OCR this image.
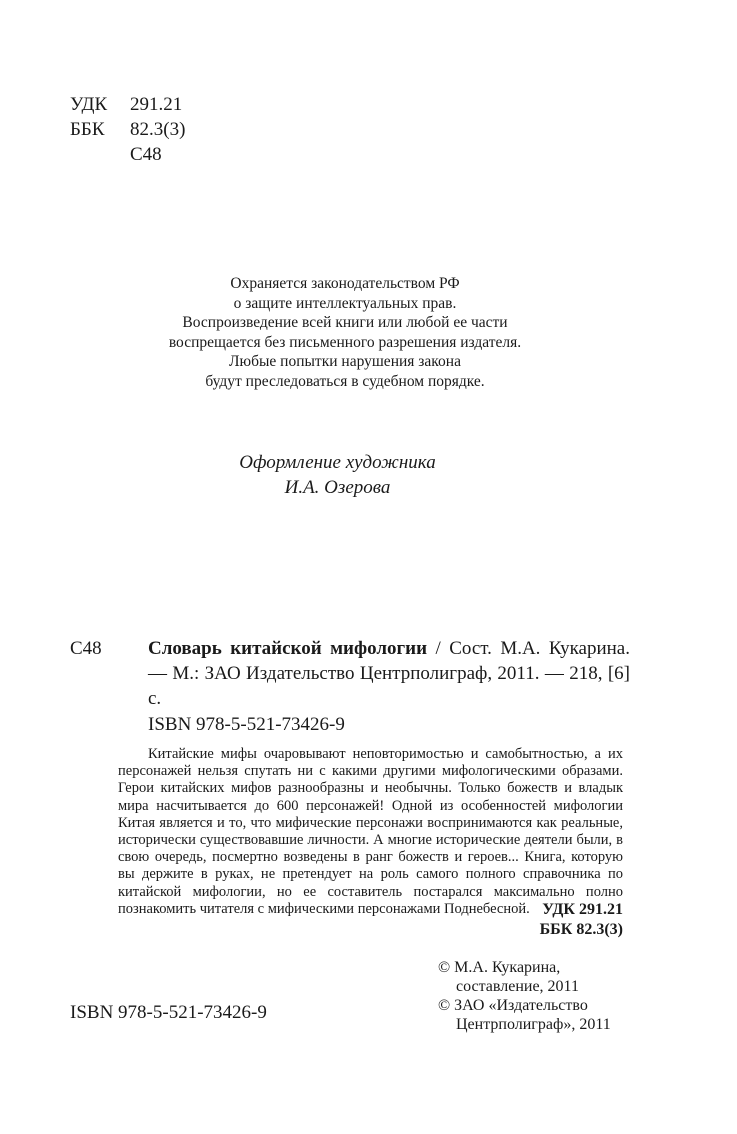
УДК 291.21
ББК 82.3(3)
С48
Охраняется законодательством РФ
о защите интеллектуальных прав.
Воспроизведение всей книги или любой ее части
воспрещается без письменного разрешения издателя.
Любые попытки нарушения закона
будут преследоваться в судебном порядке.
Оформление художника
И.А. Озерова
С48 Словарь китайской мифологии / Сост. М.А. Кукарина. — М.: ЗАО Издательство Центрполиграф, 2011. — 218, [6] с.
ISBN 978-5-521-73426-9
Китайские мифы очаровывают неповторимостью и самобытностью, а их персонажей нельзя спутать ни с какими другими мифологическими образами. Герои китайских мифов разнообразны и необычны. Только божеств и владык мира насчитывается до 600 персонажей! Одной из особенностей мифологии Китая является и то, что мифические персонажи воспринимаются как реальные, исторически существовавшие личности. А многие исторические деятели были, в свою очередь, посмертно возведены в ранг божеств и героев... Книга, которую вы держите в руках, не претендует на роль самого полного справочника по китайской мифологии, но ее составитель постарался максимально полно познакомить читателя с мифическими персонажами Поднебесной. УДК 291.21
ББК 82.3(3)
© М.А. Кукарина, составление, 2011
© ЗАО «Издательство Центрполиграф», 2011
ISBN 978-5-521-73426-9
